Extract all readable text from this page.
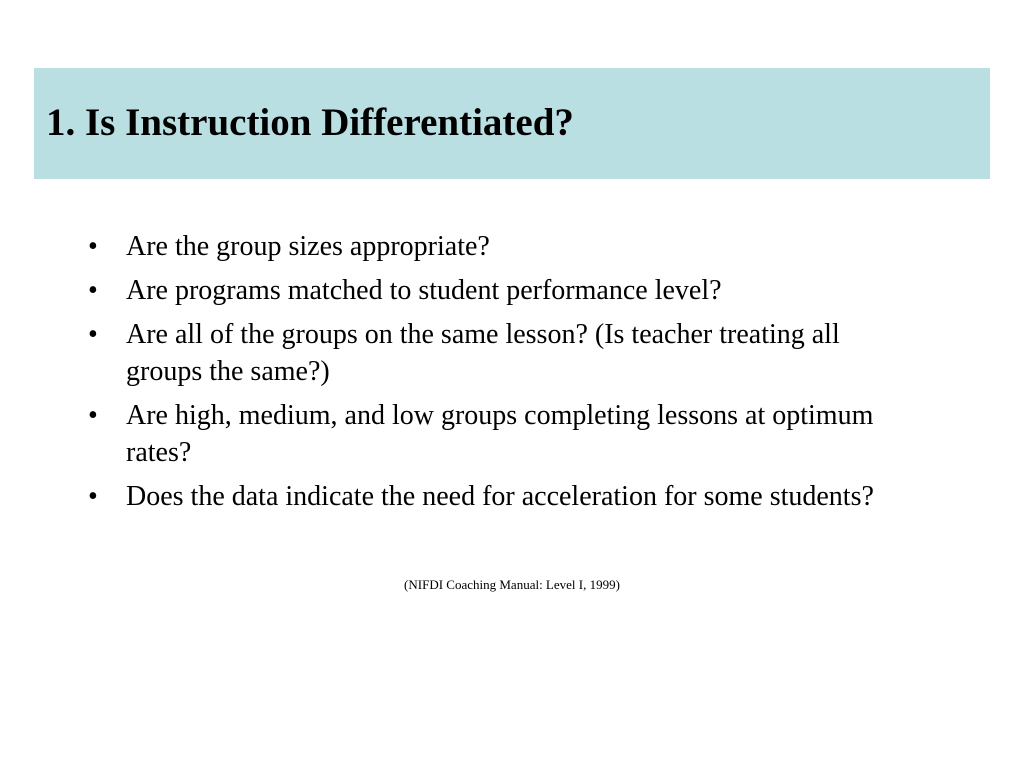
1. Is Instruction Differentiated?
• Are the group sizes appropriate?
• Are programs matched to student performance level?
• Are all of the groups on the same lesson? (Is teacher treating all groups the same?)
• Are high, medium, and low groups completing lessons at optimum rates?
• Does the data indicate the need for acceleration for some students?
(NIFDI Coaching Manual: Level I, 1999)
